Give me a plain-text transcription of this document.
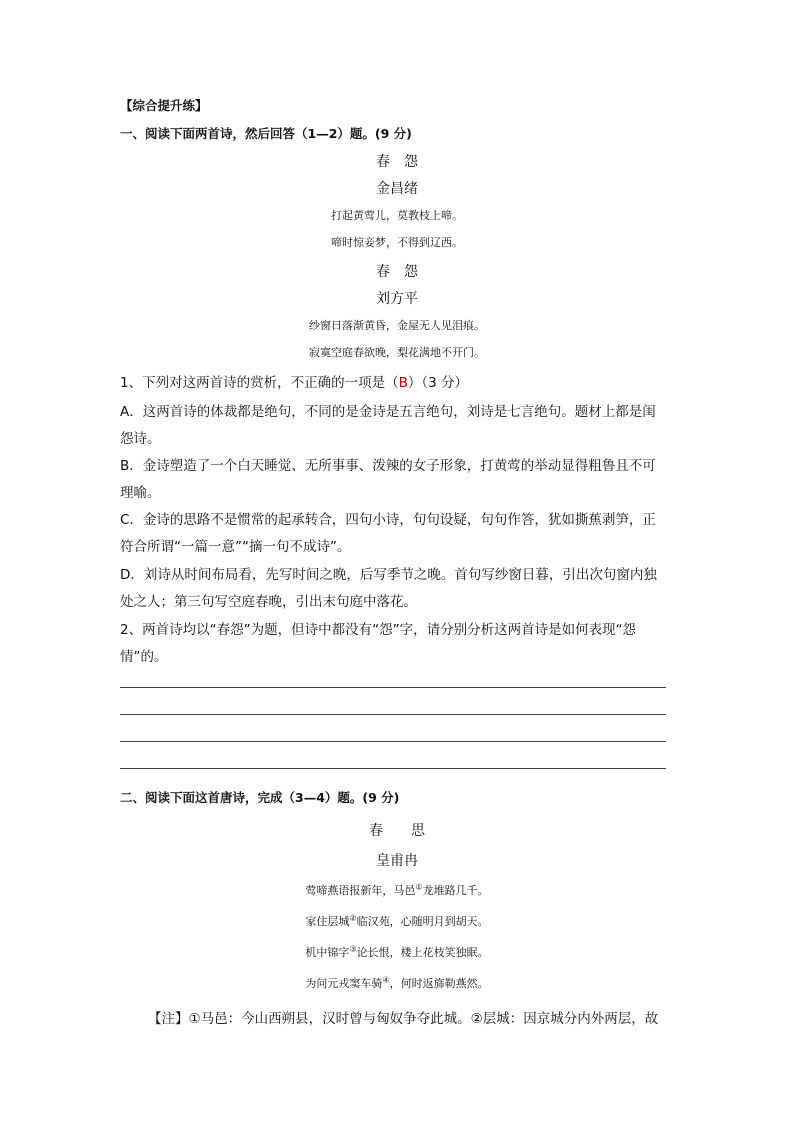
【综合提升练】
一、阅读下面两首诗，然后回答（1—2）题。(9 分)
春　怨
金昌绪
打起黄莺儿，莫教枝上啼。
啼时惊妾梦，不得到辽西。
春　怨
刘方平
纱窗日落渐黄昏，金屋无人见泪痕。
寂寞空庭春欲晚，梨花满地不开门。
1、下列对这两首诗的赏析，不正确的一项是（B）（3 分）
A．这两首诗的体裁都是绝句，不同的是金诗是五言绝句，刘诗是七言绝句。题材上都是闺
怨诗。
B．金诗塑造了一个白天睡觉、无所事事、泼辣的女子形象，打黄莺的举动显得粗鲁且不可
理喻。
C．金诗的思路不是惯常的起承转合，四句小诗，句句设疑，句句作答，犹如撕蕉剥笋，正
符合所谓“一篇一意”“摘一句不成诗”。
D．刘诗从时间布局看，先写时间之晚，后写季节之晚。首句写纱窗日暮，引出次句窗内独
处之人；第三句写空庭春晚，引出末句庭中落花。
2、两首诗均以“春怨”为题，但诗中都没有“怨”字，请分别分析这两首诗是如何表现“怨
情”的。
二、阅读下面这首唐诗，完成（3—4）题。(9 分)
春　　思
皇甫冉
莺啼燕语报新年，马邑①龙堆路几千。
家住层城②临汉苑，心随明月到胡天。
机中锦字③论长恨，楼上花枝笑独眠。
为问元戎窦车骑④，何时返旆勒燕然。
【注】①马邑：今山西朔县，汉时曾与匈奴争夺此城。②层城：因京城分内外两层，故
